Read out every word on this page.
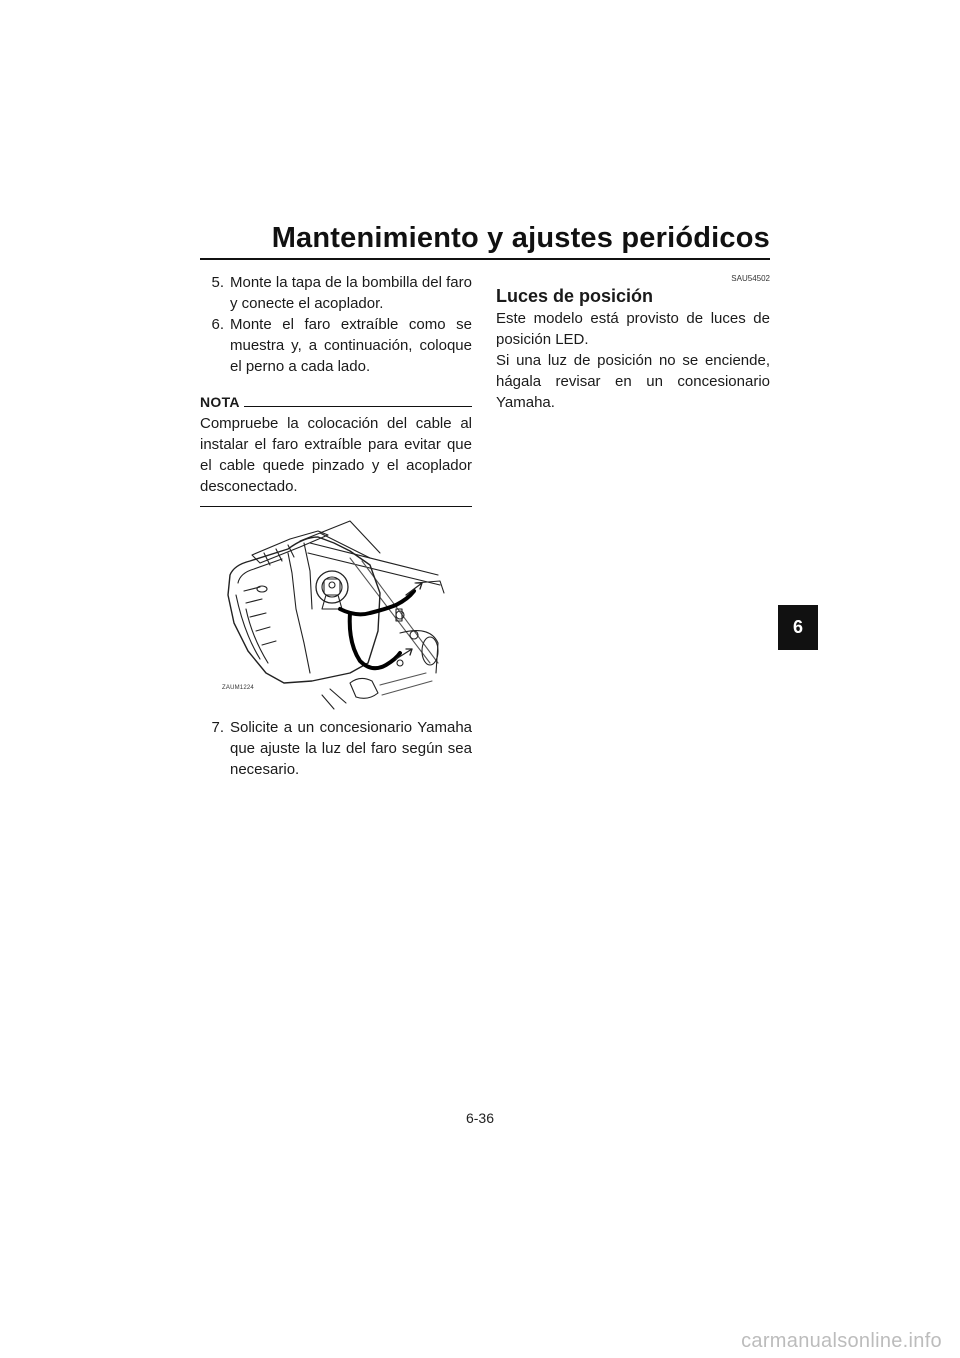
Mantenimiento y ajustes periódicos
5. Monte la tapa de la bombilla del faro y conecte el acoplador.
6. Monte el faro extraíble como se muestra y, a continuación, coloque el perno a cada lado.
NOTA
Compruebe la colocación del cable al instalar el faro extraíble para evitar que el cable quede pinzado y el acoplador desconectado.
ZAUM1224
7. Solicite a un concesionario Yamaha que ajuste la luz del faro según sea necesario.
SAU54502
Luces de posición
Este modelo está provisto de luces de posición LED.
Si una luz de posición no se enciende, hágala revisar en un concesionario Yamaha.
6
6-36
carmanualsonline.info
